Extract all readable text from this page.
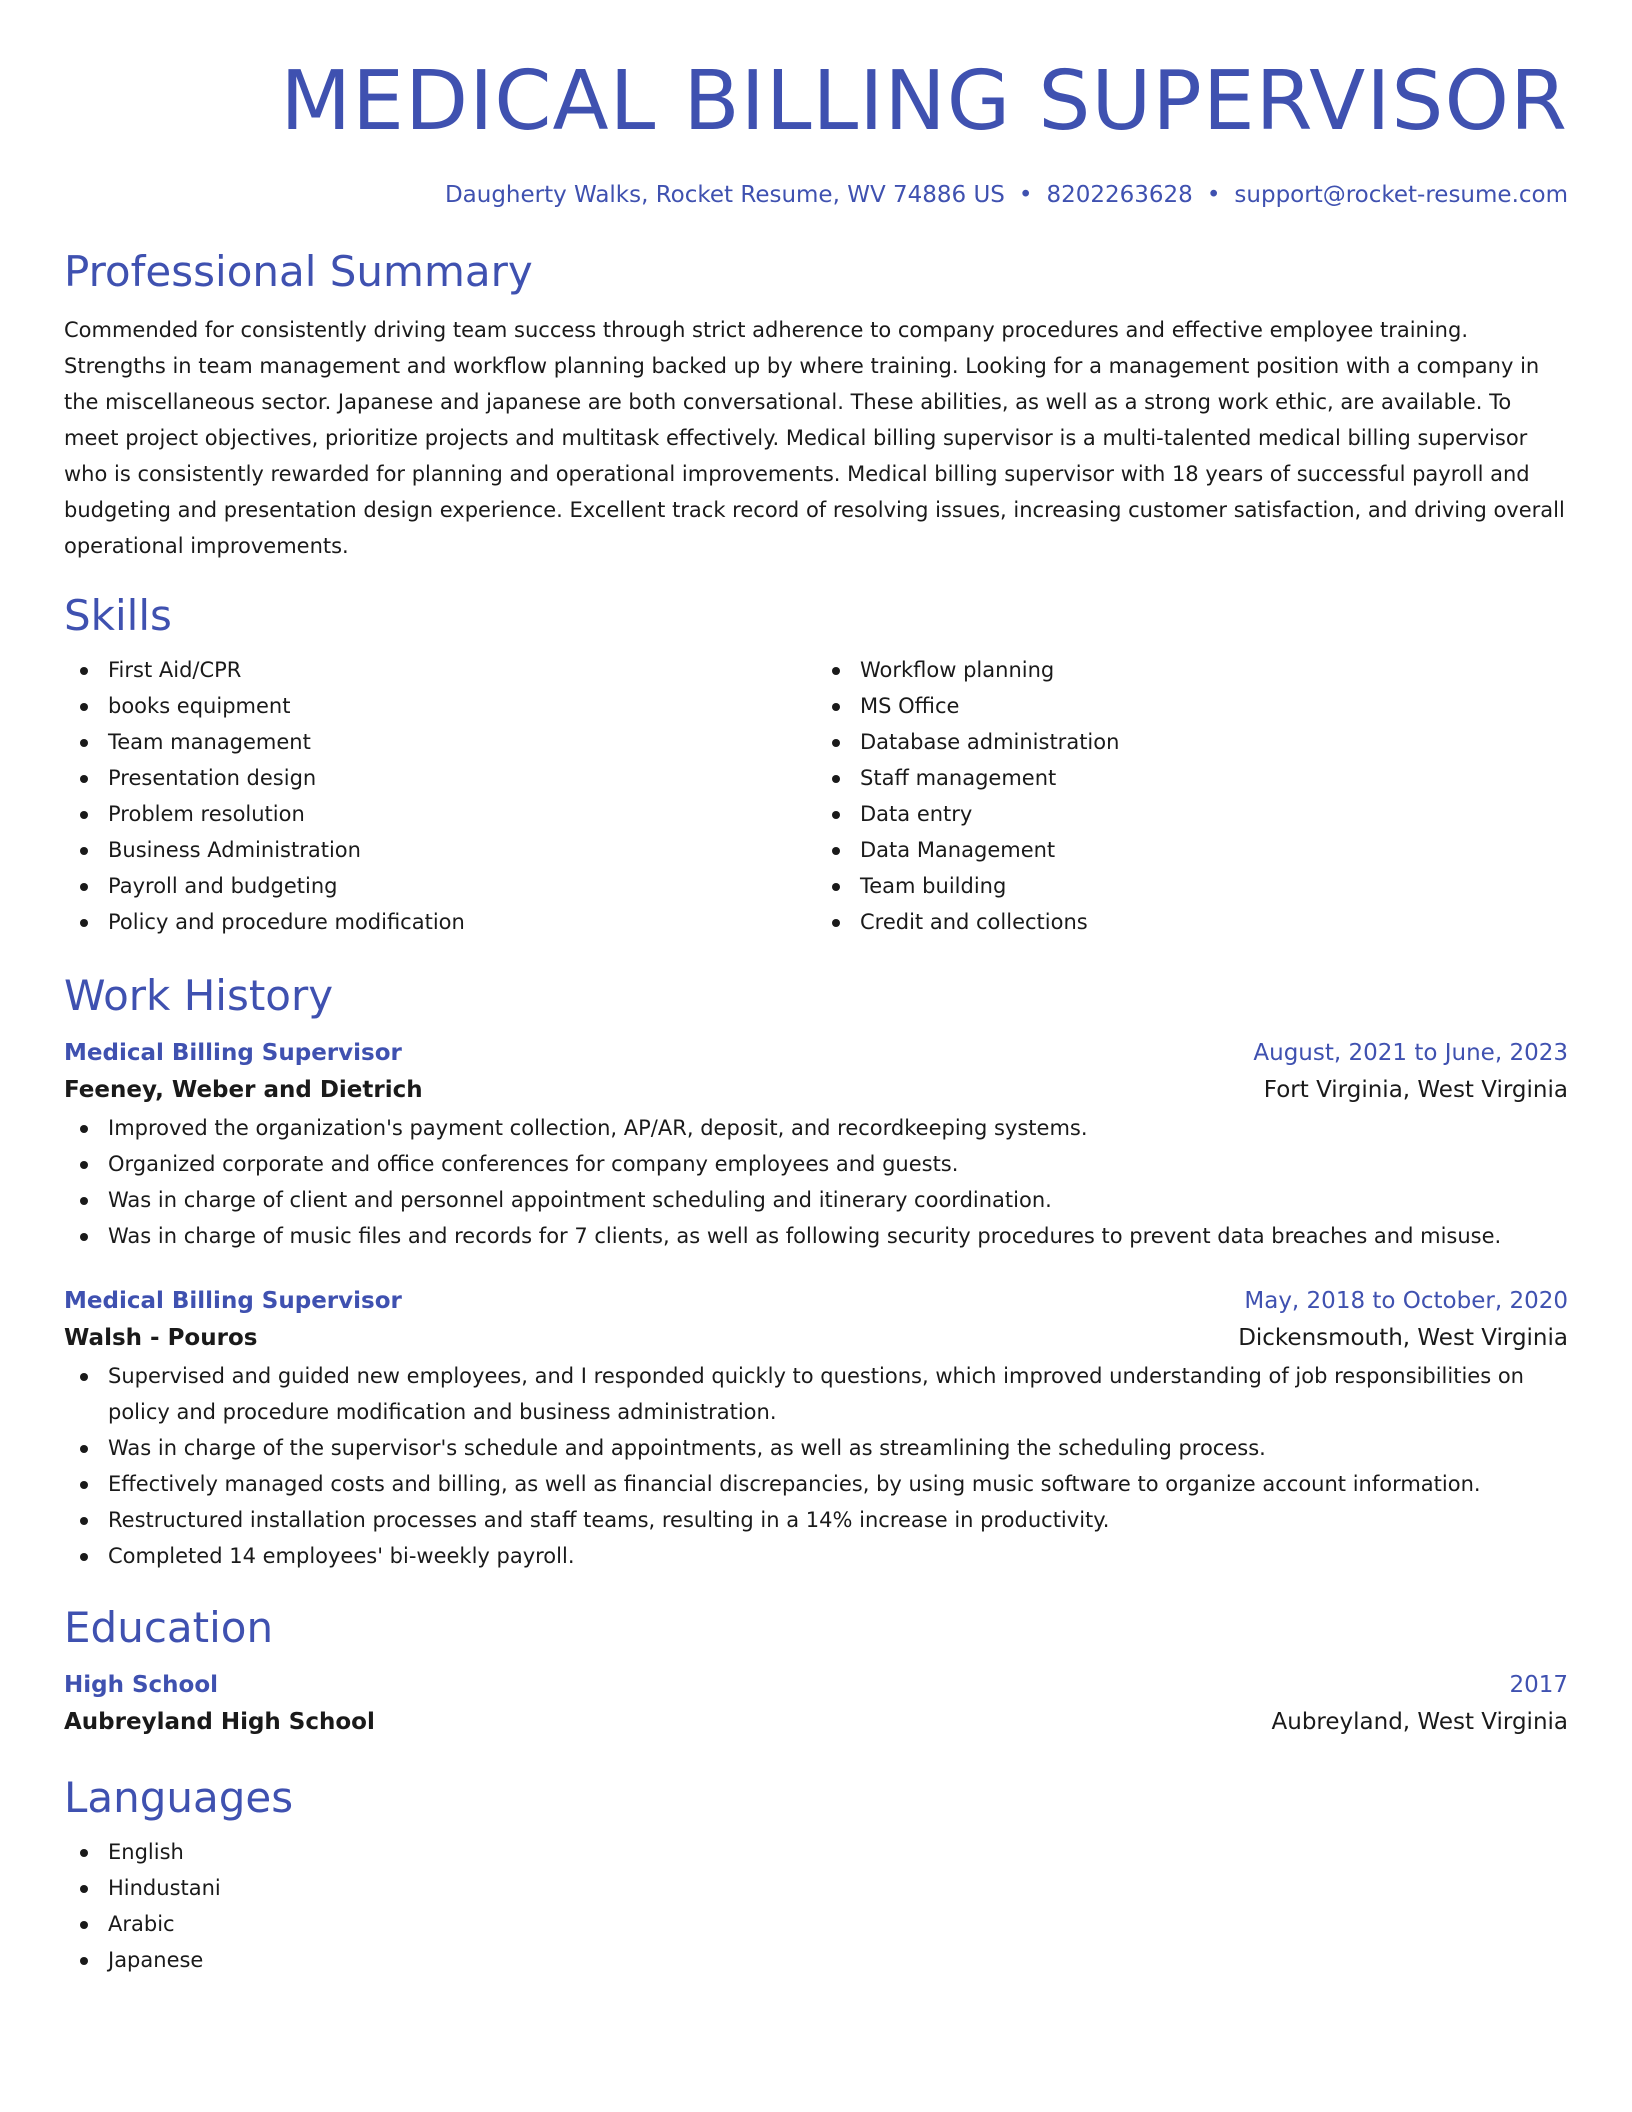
MEDICAL BILLING SUPERVISOR
Daugherty Walks, Rocket Resume, WV 74886 US • 8202263628 • support@rocket-resume.com
Professional Summary
Commended for consistently driving team success through strict adherence to company procedures and effective employee training. Strengths in team management and workflow planning backed up by where training. Looking for a management position with a company in the miscellaneous sector. Japanese and japanese are both conversational. These abilities, as well as a strong work ethic, are available. To meet project objectives, prioritize projects and multitask effectively. Medical billing supervisor is a multi-talented medical billing supervisor who is consistently rewarded for planning and operational improvements. Medical billing supervisor with 18 years of successful payroll and budgeting and presentation design experience. Excellent track record of resolving issues, increasing customer satisfaction, and driving overall operational improvements.
Skills
First Aid/CPR
books equipment
Team management
Presentation design
Problem resolution
Business Administration
Payroll and budgeting
Policy and procedure modification
Workflow planning
MS Office
Database administration
Staff management
Data entry
Data Management
Team building
Credit and collections
Work History
Medical Billing Supervisor	August, 2021 to June, 2023
Feeney, Weber and Dietrich	Fort Virginia, West Virginia
Improved the organization's payment collection, AP/AR, deposit, and recordkeeping systems.
Organized corporate and office conferences for company employees and guests.
Was in charge of client and personnel appointment scheduling and itinerary coordination.
Was in charge of music files and records for 7 clients, as well as following security procedures to prevent data breaches and misuse.
Medical Billing Supervisor	May, 2018 to October, 2020
Walsh - Pouros	Dickensmouth, West Virginia
Supervised and guided new employees, and I responded quickly to questions, which improved understanding of job responsibilities on policy and procedure modification and business administration.
Was in charge of the supervisor's schedule and appointments, as well as streamlining the scheduling process.
Effectively managed costs and billing, as well as financial discrepancies, by using music software to organize account information.
Restructured installation processes and staff teams, resulting in a 14% increase in productivity.
Completed 14 employees' bi-weekly payroll.
Education
High School	2017
Aubreyland High School	Aubreyland, West Virginia
Languages
English
Hindustani
Arabic
Japanese
